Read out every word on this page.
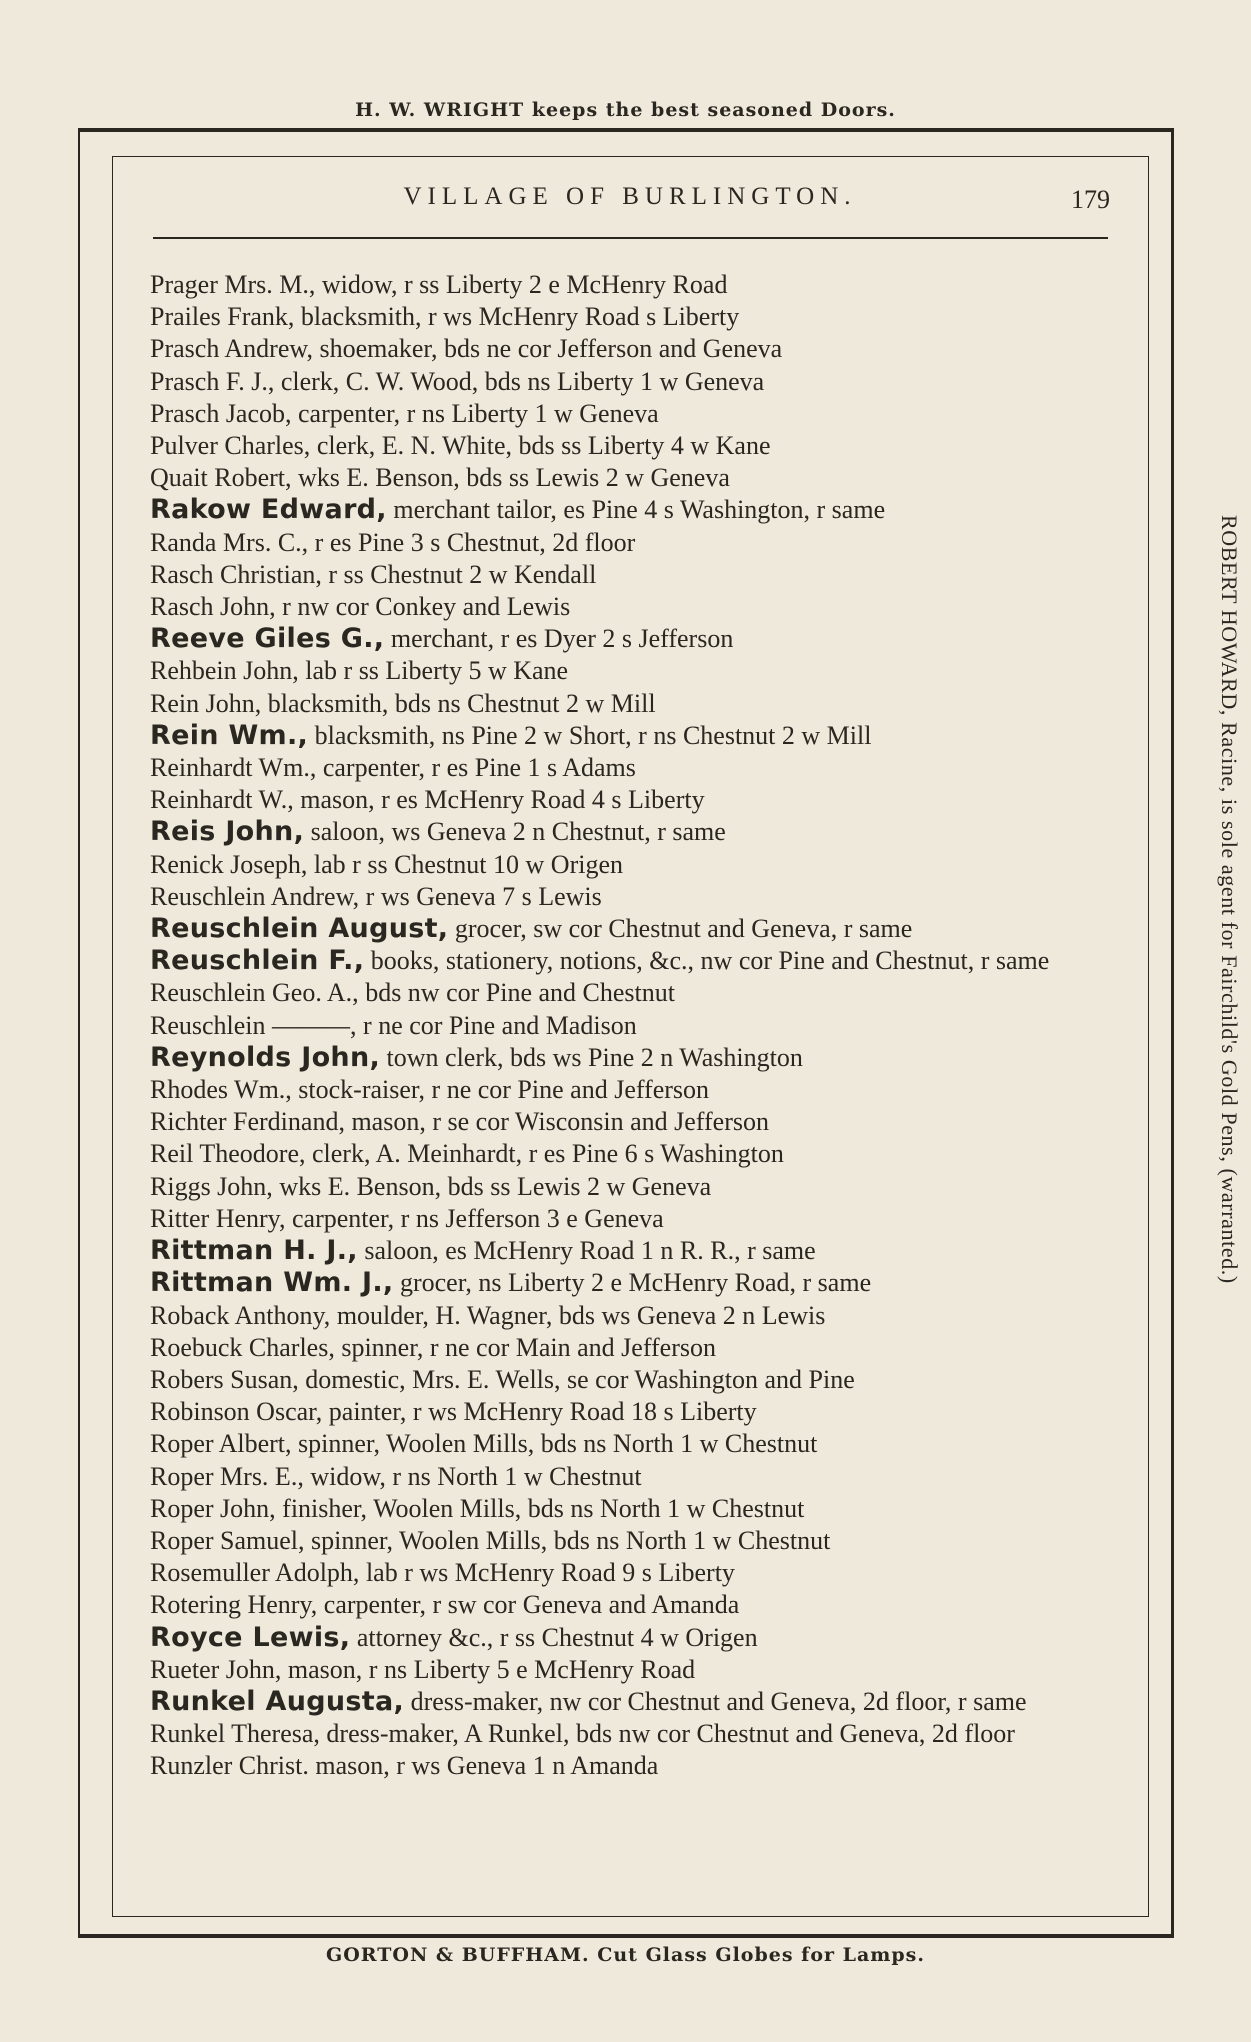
H. W. WRIGHT keeps the best seasoned Doors.
VILLAGE OF BURLINGTON.	179
Prager Mrs. M., widow, r ss Liberty 2 e McHenry Road
Prailes Frank, blacksmith, r ws McHenry Road s Liberty
Prasch Andrew, shoemaker, bds ne cor Jefferson and Geneva
Prasch F. J., clerk, C. W. Wood, bds ns Liberty 1 w Geneva
Prasch Jacob, carpenter, r ns Liberty 1 w Geneva
Pulver Charles, clerk, E. N. White, bds ss Liberty 4 w Kane
Quait Robert, wks E. Benson, bds ss Lewis 2 w Geneva
Rakow Edward, merchant tailor, es Pine 4 s Washington, r same
Randa Mrs. C., r es Pine 3 s Chestnut, 2d floor
Rasch Christian, r ss Chestnut 2 w Kendall
Rasch John, r nw cor Conkey and Lewis
Reeve Giles G., merchant, r es Dyer 2 s Jefferson
Rehbein John, lab r ss Liberty 5 w Kane
Rein John, blacksmith, bds ns Chestnut 2 w Mill
Rein Wm., blacksmith, ns Pine 2 w Short, r ns Chestnut 2 w Mill
Reinhardt Wm., carpenter, r es Pine 1 s Adams
Reinhardt W., mason, r es McHenry Road 4 s Liberty
Reis John, saloon, ws Geneva 2 n Chestnut, r same
Renick Joseph, lab r ss Chestnut 10 w Origen
Reuschlein Andrew, r ws Geneva 7 s Lewis
Reuschlein August, grocer, sw cor Chestnut and Geneva, r same
Reuschlein F., books, stationery, notions, &c., nw cor Pine and Chestnut, r same
Reuschlein Geo. A., bds nw cor Pine and Chestnut
Reuschlein ———, r ne cor Pine and Madison
Reynolds John, town clerk, bds ws Pine 2 n Washington
Rhodes Wm., stock-raiser, r ne cor Pine and Jefferson
Richter Ferdinand, mason, r se cor Wisconsin and Jefferson
Reil Theodore, clerk, A. Meinhardt, r es Pine 6 s Washington
Riggs John, wks E. Benson, bds ss Lewis 2 w Geneva
Ritter Henry, carpenter, r ns Jefferson 3 e Geneva
Rittman H. J., saloon, es McHenry Road 1 n R. R., r same
Rittman Wm. J., grocer, ns Liberty 2 e McHenry Road, r same
Roback Anthony, moulder, H. Wagner, bds ws Geneva 2 n Lewis
Roebuck Charles, spinner, r ne cor Main and Jefferson
Robers Susan, domestic, Mrs. E. Wells, se cor Washington and Pine
Robinson Oscar, painter, r ws McHenry Road 18 s Liberty
Roper Albert, spinner, Woolen Mills, bds ns North 1 w Chestnut
Roper Mrs. E., widow, r ns North 1 w Chestnut
Roper John, finisher, Woolen Mills, bds ns North 1 w Chestnut
Roper Samuel, spinner, Woolen Mills, bds ns North 1 w Chestnut
Rosemuller Adolph, lab r ws McHenry Road 9 s Liberty
Rotering Henry, carpenter, r sw cor Geneva and Amanda
Royce Lewis, attorney &c., r ss Chestnut 4 w Origen
Rueter John, mason, r ns Liberty 5 e McHenry Road
Runkel Augusta, dress-maker, nw cor Chestnut and Geneva, 2d floor, r same
Runkel Theresa, dress-maker, A Runkel, bds nw cor Chestnut and Geneva, 2d floor
Runzler Christ. mason, r ws Geneva 1 n Amanda
ROBERT HOWARD, Racine, is sole agent for Fairchild's Gold Pens, (warranted.)
GORTON & BUFFHAM. Cut Glass Globes for Lamps.
